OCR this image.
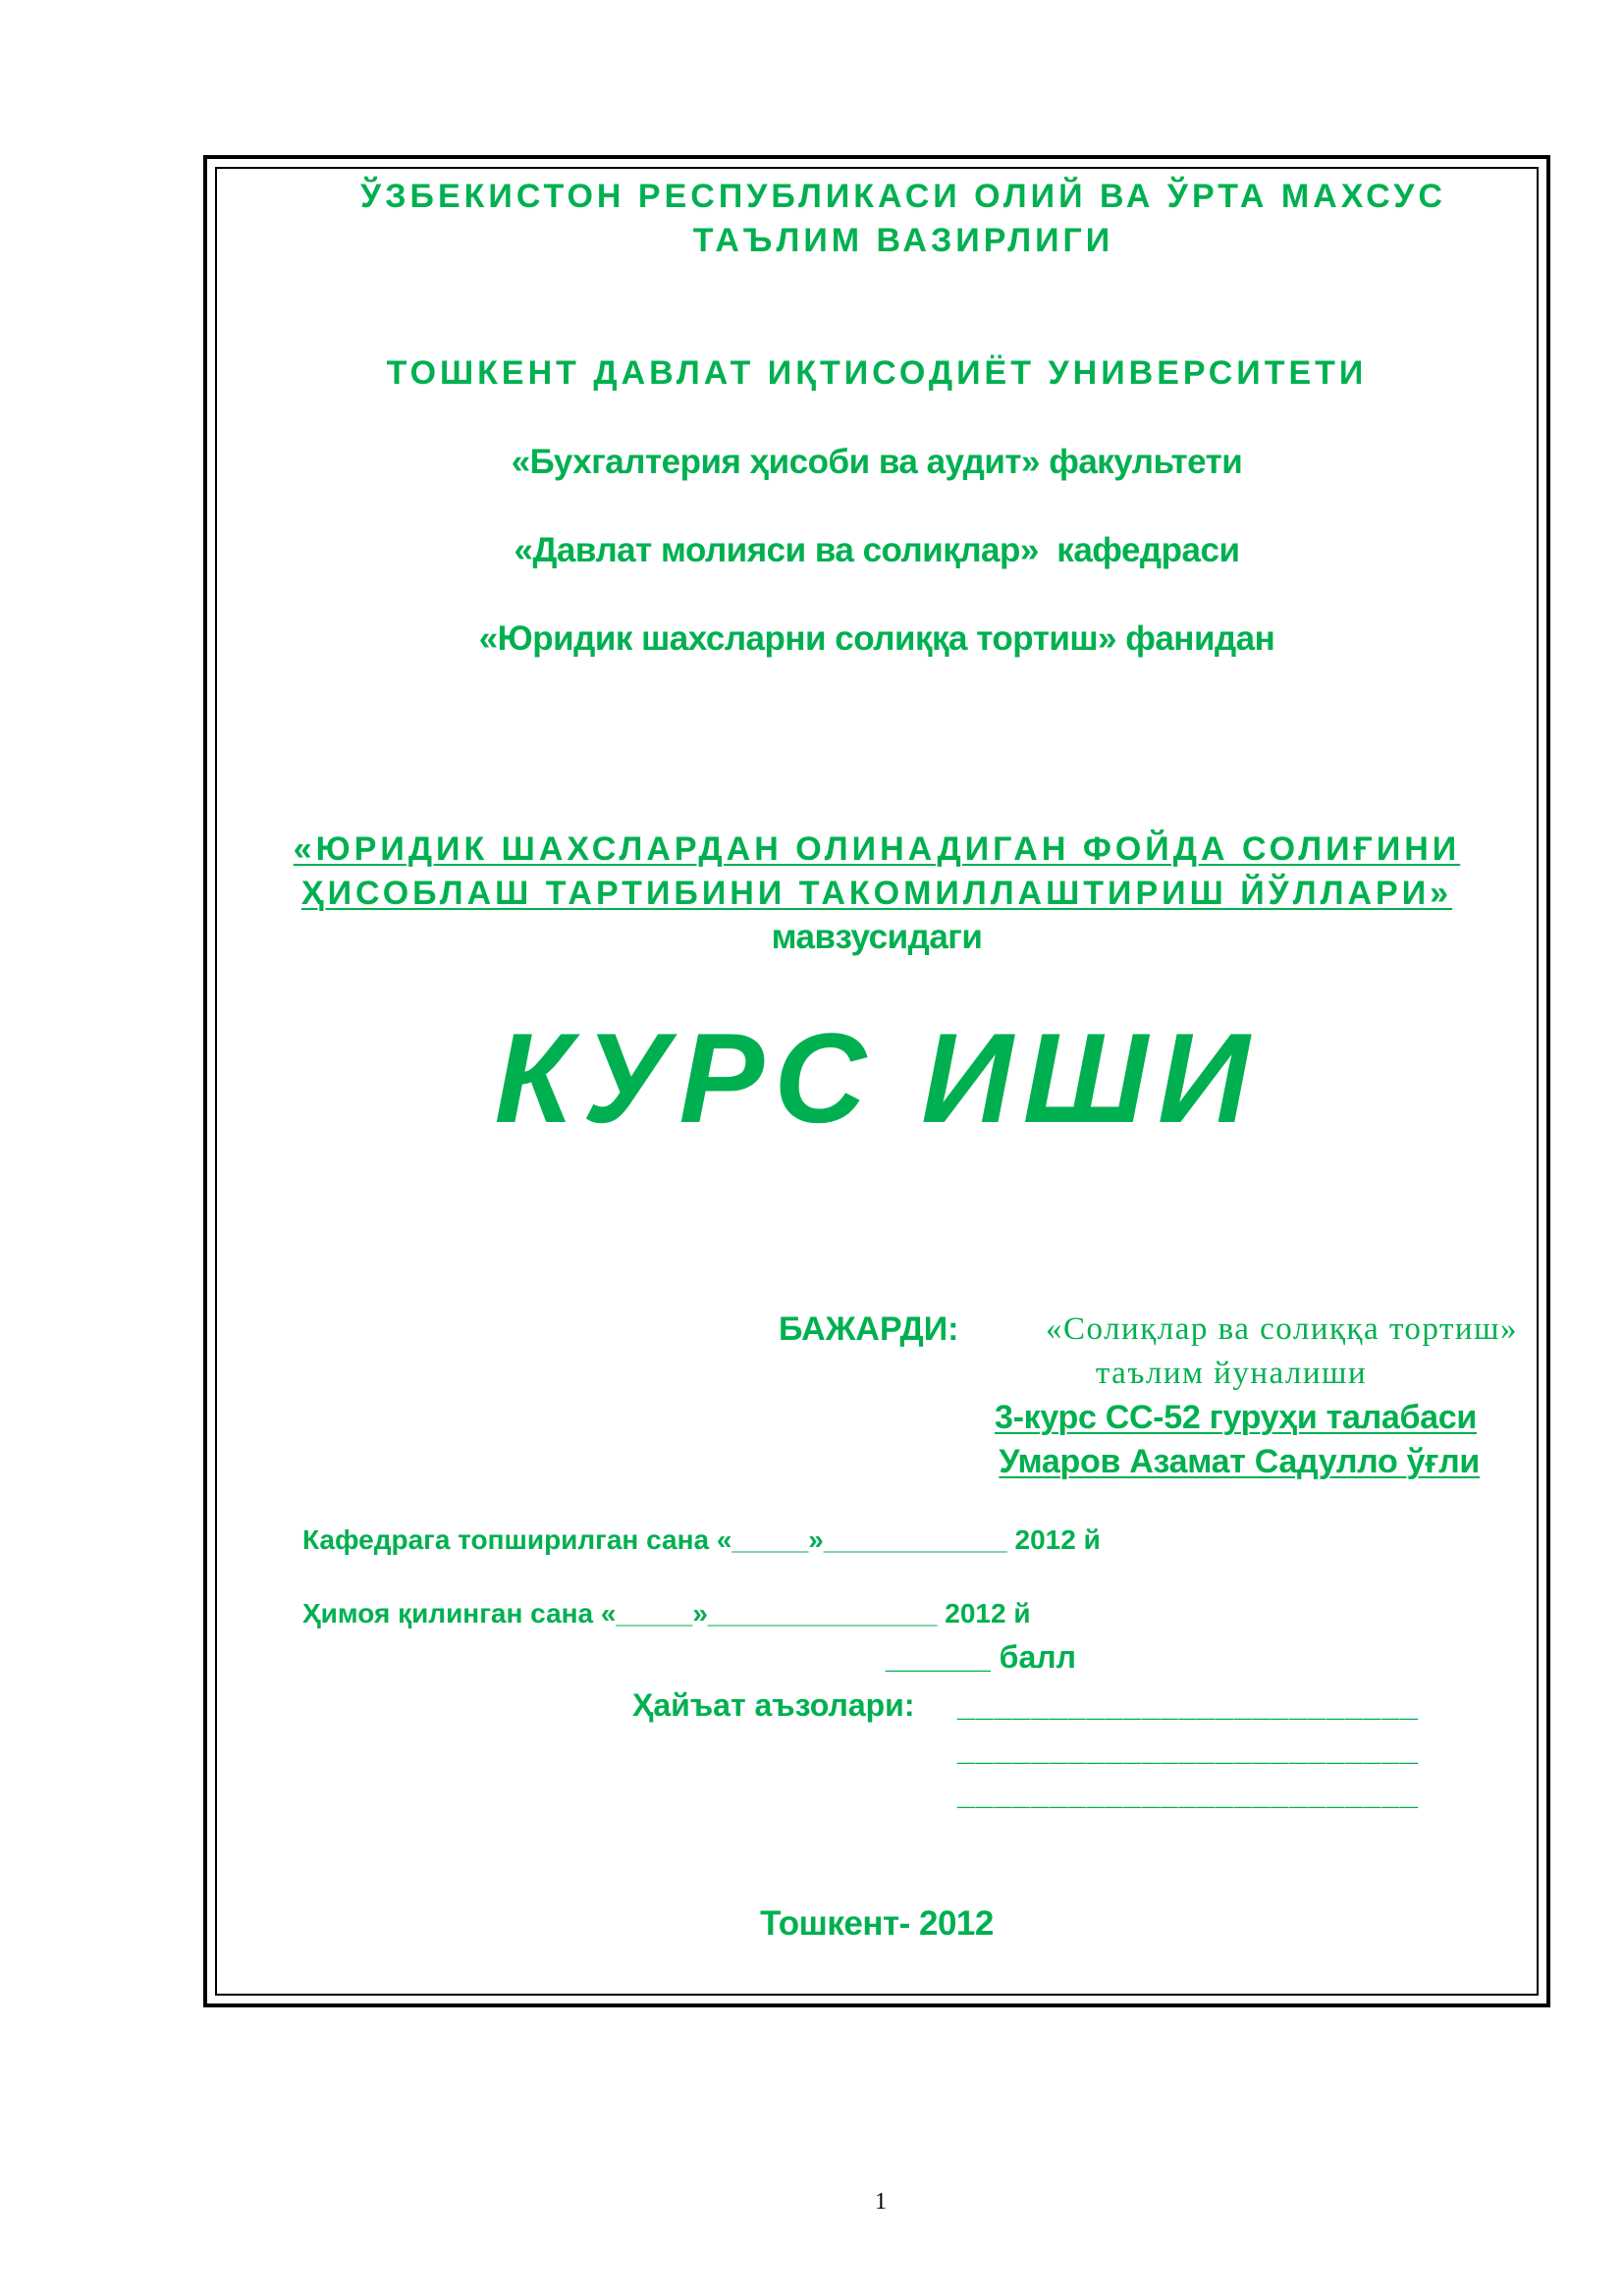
ЎЗБЕКИСТОН РЕСПУБЛИКАСИ ОЛИЙ ВА ЎРТА МАХСУС
ТАЪЛИМ ВАЗИРЛИГИ
ТОШКЕНТ ДАВЛАТ ИҚТИСОДИЁТ УНИВЕРСИТЕТИ
«Бухгалтерия ҳисоби ва аудит» факультети
«Давлат молияси ва солиқлар»  кафедраси
«Юридик шахсларни солиққа тортиш» фанидан
«ЮРИДИК ШАХСЛАРДАН ОЛИНАДИГАН ФОЙДА СОЛИҒИНИ
ҲИСОБЛАШ ТАРТИБИНИ ТАКОМИЛЛАШТИРИШ ЙЎЛЛАРИ»
мавзусидаги
КУРС ИШИ
БАЖАРДИ:	«Солиқлар ва солиққа тортиш»
таълим йуналиши
3-курс СС-52 гуруҳи талабаси
Умаров Азамат Садулло ўғли
Кафедрага топширилган сана «_____»____________ 2012 й
Ҳимоя қилинган сана «_____»_______________ 2012 й
______ балл
Ҳайъат аъзолари: _________________________
_________________________
_________________________
Тошкент- 2012
1
